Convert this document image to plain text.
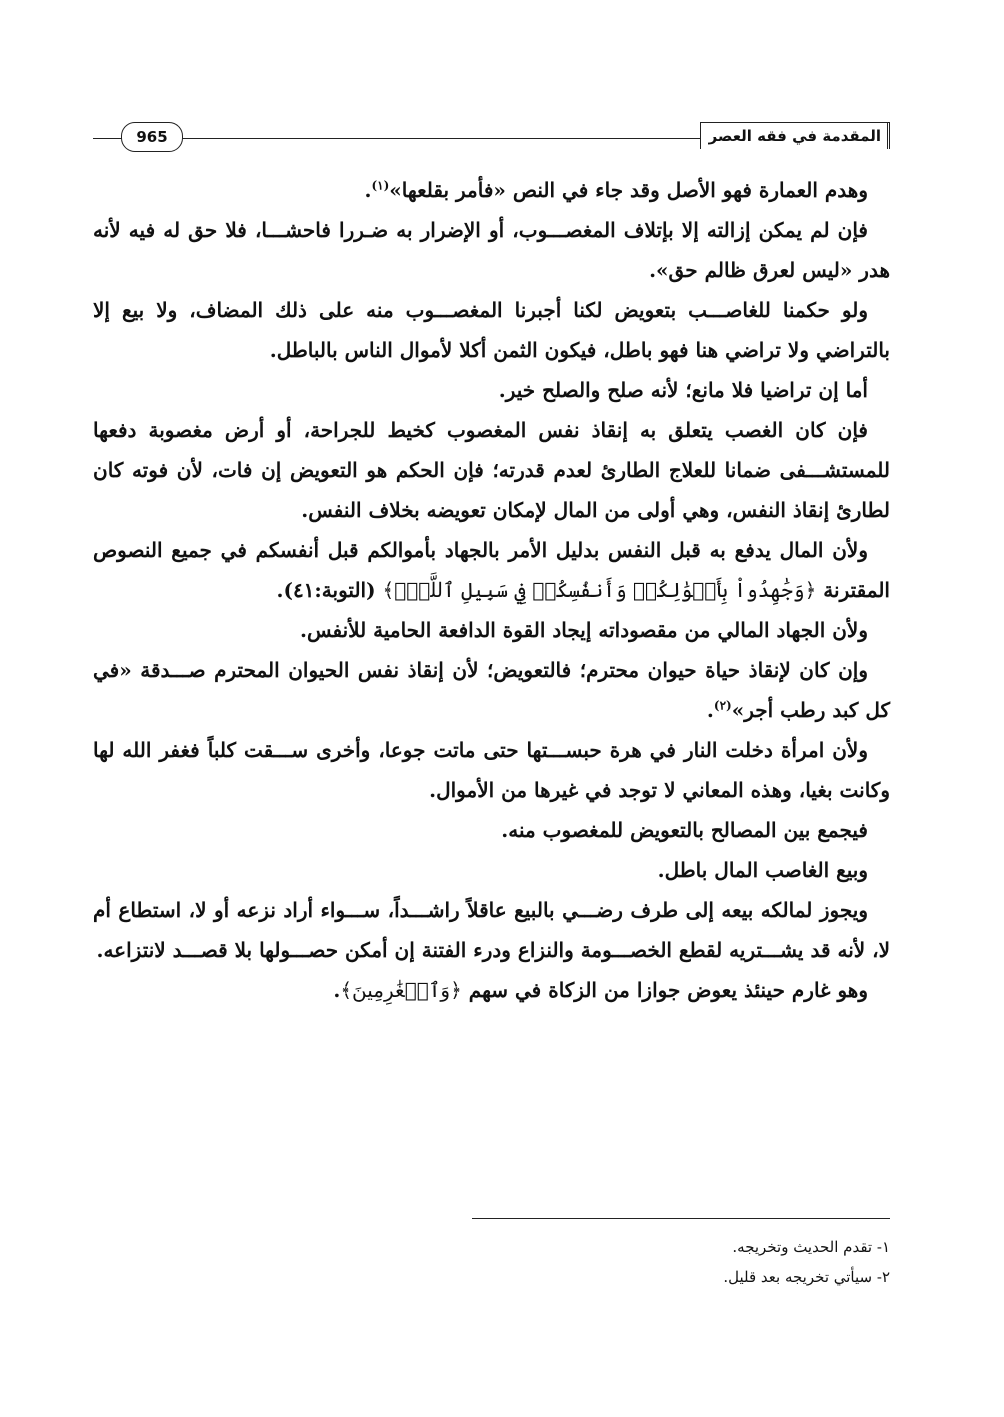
المقدمة في فقه العصر
965

وهدم العمارة فهو الأصل وقد جاء في النص «فأمر بقلعها»$^{(١)}$.

فإن لم يمكن إزالته إلا بإتلاف المغصـــوب، أو الإضرار به ضـررا فاحشـــا، فلا حق له فيه لأنه هدر «ليس لعرق ظالم حق».

ولو حكمنا للغاصـــب بتعويض لكنا أجبرنا المغصـــوب منه على ذلك المضاف، ولا بيع إلا بالتراضي ولا تراضي هنا فهو باطل، فيكون الثمن أكلا لأموال الناس بالباطل.

أما إن تراضيا فلا مانع؛ لأنه صلح والصلح خير.

فإن كان الغصب يتعلق به إنقاذ نفس المغصوب كخيط للجراحة، أو أرض مغصوبة دفعها للمستشـــفى ضمانا للعلاج الطارئ لعدم قدرته؛ فإن الحكم هو التعويض إن فات، لأن فوته كان لطارئ إنقاذ النفس، وهي أولى من المال لإمكان تعويضه بخلاف النفس.

ولأن المال يدفع به قبل النفس بدليل الأمر بالجهاد بأموالكم قبل أنفسكم في جميع النصوص المقترنة ﴿وَجَٰهِدُواْ بِأَمۡوَٰلِكُمۡ وَأَنفُسِكُمۡ فِي سَبِيلِ ٱللَّهِۚ﴾ (التوبة:٤١).

ولأن الجهاد المالي من مقصوداته إيجاد القوة الدافعة الحامية للأنفس.

وإن كان لإنقاذ حياة حيوان محترم؛ فالتعويض؛ لأن إنقاذ نفس الحيوان المحترم صـــدقة «في كل كبد رطب أجر»$^{(٢)}$.

ولأن امرأة دخلت النار في هرة حبســـتها حتى ماتت جوعا، وأخرى ســـقت كلباً فغفر الله لها وكانت بغيا، وهذه المعاني لا توجد في غيرها من الأموال.

فيجمع بين المصالح بالتعويض للمغصوب منه.

وبيع الغاصب المال باطل.

ويجوز لمالكه بيعه إلى طرف رضـــي بالبيع عاقلاً راشـــداً، ســـواء أراد نزعه أو لا، استطاع أم لا، لأنه قد يشـــتريه لقطع الخصـــومة والنزاع ودرء الفتنة إن أمكن حصـــولها بلا قصـــد لانتزاعه.

وهو غارم حينئذ يعوض جوازا من الزكاة في سهم ﴿وَٱلۡغَٰرِمِينَ﴾.

١- تقدم الحديث وتخريجه.

٢- سيأتي تخريجه بعد قليل.
